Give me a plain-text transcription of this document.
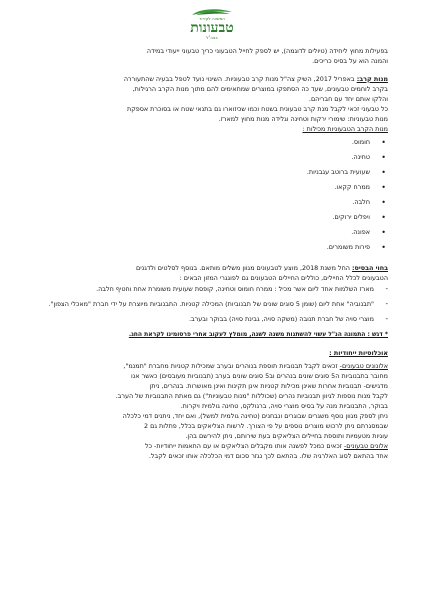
המשווה לקירור
טבעונות
בצה"ל

בפעילות מחוץ ליחידה (טיולים לדוגמה), יש לספק לחייל הטבעוני כריך טבעוני ייעודי במידה

והמנה הוא על בסיס כריכים.

מנות קרב: באפריל 2017, השיק צה"ל מנות קרב טבעוניות. השינוי נועד לטפל בבעיה שהתעוררה

בקרב לוחמים טבעונים, שעד כה הסתפקו במוצרים שמתאימים להם מתוך מנות הקרב הרגילות,

והלקו אותם יחד עם חבריהם.

כל טבעוני זכאי לקבל מנת קרב טבעונית בשטח וכמו שכיזוארו גם בתנאי שטח או בסוכרת אספקת

מנות טבעוניות: שימורי ירקות וטחינה וגלידה מנות מחוץ למארז.

מנות הקרב הטבעוניות מכילות :

• חומוס.
• טחינה.
• שעועית ברוטב עגבניות.
• ממרח קקאו.
• חלבה.
• ויפלים ירוקים.
• אפונה.
• פירות משומרים.

בחוי הבסיס: החל משנת 2018, מוצע לטבעונים מגוון משלים מותאם. בנוסף לסלטים ולדגנים

הטבעונים לכלל החיילים, כוללים החיילים הטבעונים גם לפוגגרי המזון הבאים :

- מארז השלמות אחד ליום אשר מכיל : ממרח חומוס וטחינה, קופסת שעועית משומרת אחת וחטיף חלבה.
- "תבנוביה" אחת ליום (שומן 5 סוגים שונים של תבנוביות) המכילה קטניות. התבנוביות מיוצרת על ידי חברת "מאכלי הצפון".
- מוצרי סויה של חברת תנובה (משקה סויה, גבינת סויה) בבוקר ובערב.

* דגש : התמונה הנ"ל עשוי להשתנות משנה לשנה, מומלץ לעקוב אחרי פרסומינו לקראת החג.

אוכלוסיות ייחודיות :

אלונונים טבעונים- זכאים לקבל תבנוביות תוספת בנוהרים ובערב שמכילות קטניות מחברת "תמנמ",

מחובר בתבנוביות ה5 סוגים שונים בנהרים וב5 סוגים שונים בערב (תבנוביות מעובסים) כאשר אנו

מדגישים- תבנוביות אחרות שאינן מכילות קטניות אינן תקינות ואינן מאושרות. בנהרים, ניתן

לקבל מנות נוספות לגיוון תבנוביות נהרים (שכוללות "מנות טבעוניות") גם מאתת התבנוביות של הערב.

בבוקר, התבנוביות מנה על בסיס מוצרי סויה, ברגולקס, טחינה גולמית ויקרות.

ניתן לספק מגוון נוסף משגרים שבוגרים ונבחנים (טחינה גולמית למשל), ואם יחד, ניתנים דמי כלכלה

שבמסגרתם ניתן לרכוש מוצרים נוספים על פי הצורך. לרשות הצליאקים בכלל, פתלות גם 2

עוגיות מטעמיות ותוספת בחיילים הצליאקים בעת שירותם, ניתן להירשם בהן.

אלונים טבעונים- זכאים כמכל לפשנה אותו מקבלים הצליאקים או עם התאמות ייחודיות- כל

אחד בהתאם לסוג האלרגיה שלו. בהתאם לכך נגזר סכום דמי הכלכלה אותו זכאים לקבל.
